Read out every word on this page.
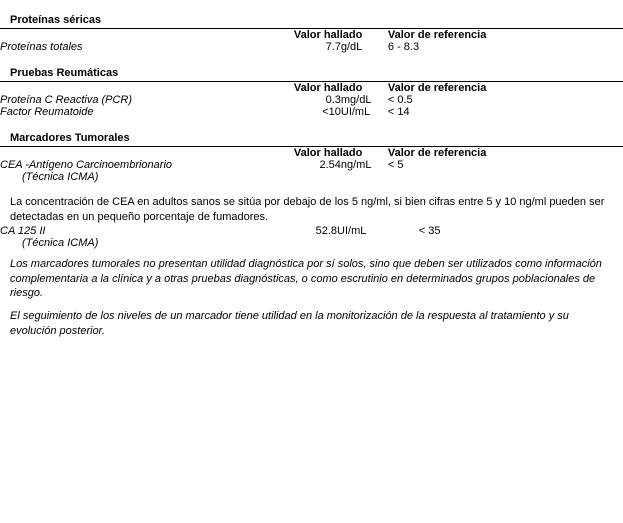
Proteínas séricas
	Valor hallado		Valor de referencia
Proteínas totales	7.7	g/dL	6 - 8.3
Pruebas Reumáticas
	Valor hallado		Valor de referencia
Proteína C Reactiva (PCR)	0.3	mg/dL	< 0.5
Factor Reumatoide	<10	UI/mL	< 14
Marcadores Tumorales
	Valor hallado		Valor de referencia
CEA -Antígeno Carcinoembrionario	2.54	ng/mL	< 5
(Técnica ICMA)
La concentración de CEA en adultos sanos se sitúa por debajo de los 5 ng/ml, si bien cifras entre 5 y 10 ng/ml pueden ser detectadas en un pequeño porcentaje de fumadores.
CA 125 II	52.8	UI/mL	< 35
(Técnica ICMA)
Los marcadores tumorales no presentan utilidad diagnóstica por sí solos, sino que deben ser utilizados como información complementaria a la clínica y a otras pruebas diagnósticas, o como escrutinio en determinados grupos poblacionales de riesgo.
El seguimiento de los niveles de un marcador tiene utilidad en la monitorización de la respuesta al tratamiento y su evolución posterior.
